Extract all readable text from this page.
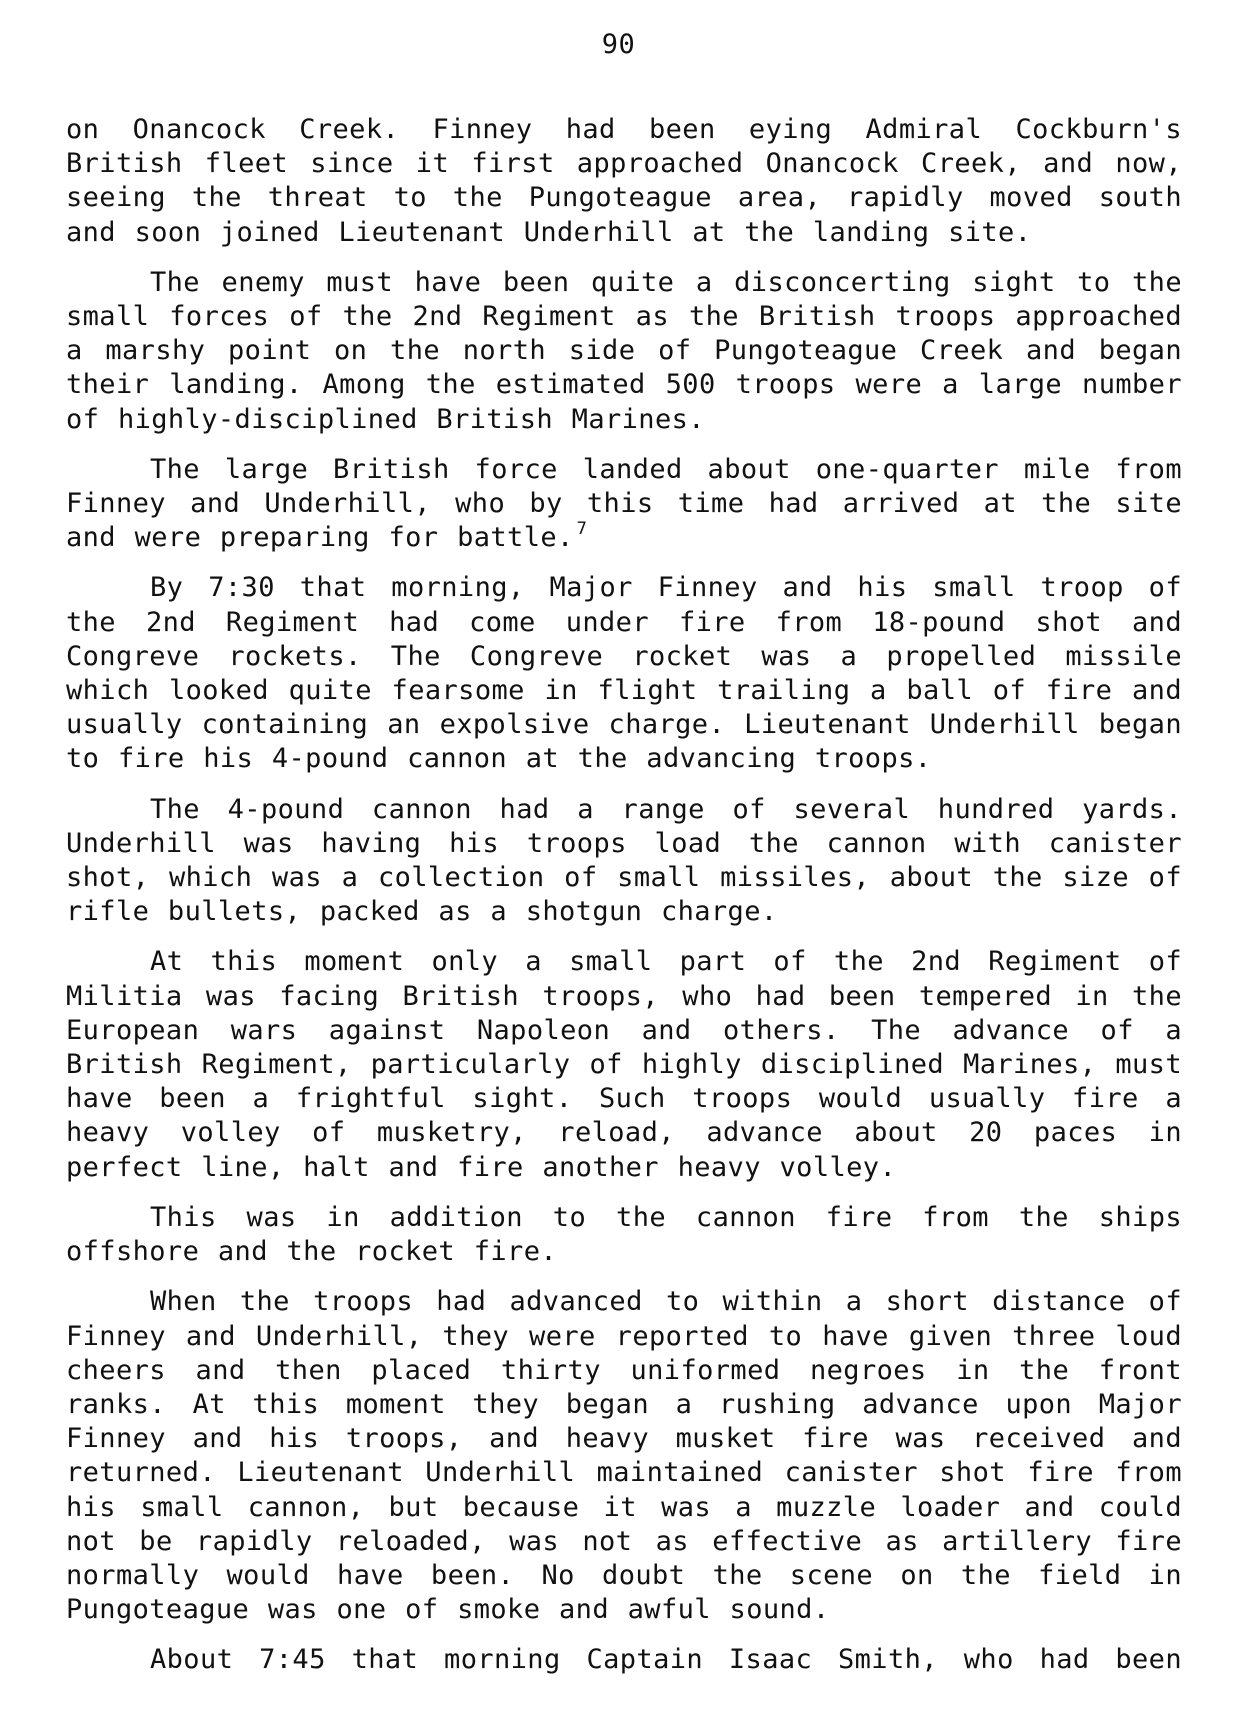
90

on Onancock Creek. Finney had been eying Admiral Cockburn's British fleet since it first approached Onancock Creek, and now, seeing the threat to the Pungoteague area, rapidly moved south and soon joined Lieutenant Underhill at the landing site.

The enemy must have been quite a disconcerting sight to the small forces of the 2nd Regiment as the British troops approached a marshy point on the north side of Pungoteague Creek and began their landing. Among the estimated 500 troops were a large number of highly-disciplined British Marines.

The large British force landed about one-quarter mile from Finney and Underhill, who by this time had arrived at the site and were preparing for battle. $^7$

By 7:30 that morning, Major Finney and his small troop of the 2nd Regiment had come under fire from 18-pound shot and Congreve rockets. The Congreve rocket was a propelled missile which looked quite fearsome in flight trailing a ball of fire and usually containing an expolsive charge. Lieutenant Underhill began to fire his 4-pound cannon at the advancing troops.

The 4-pound cannon had a range of several hundred yards. Underhill was having his troops load the cannon with canister shot, which was a collection of small missiles, about the size of rifle bullets, packed as a shotgun charge.

At this moment only a small part of the 2nd Regiment of Militia was facing British troops, who had been tempered in the European wars against Napoleon and others. The advance of a British Regiment, particularly of highly disciplined Marines, must have been a frightful sight. Such troops would usually fire a heavy volley of musketry, reload, advance about 20 paces in perfect line, halt and fire another heavy volley.

This was in addition to the cannon fire from the ships offshore and the rocket fire.

When the troops had advanced to within a short distance of Finney and Underhill, they were reported to have given three loud cheers and then placed thirty uniformed negroes in the front ranks. At this moment they began a rushing advance upon Major Finney and his troops, and heavy musket fire was received and returned. Lieutenant Underhill maintained canister shot fire from his small cannon, but because it was a muzzle loader and could not be rapidly reloaded, was not as effective as artillery fire normally would have been. No doubt the scene on the field in Pungoteague was one of smoke and awful sound.

About 7:45 that morning Captain Isaac Smith, who had been
